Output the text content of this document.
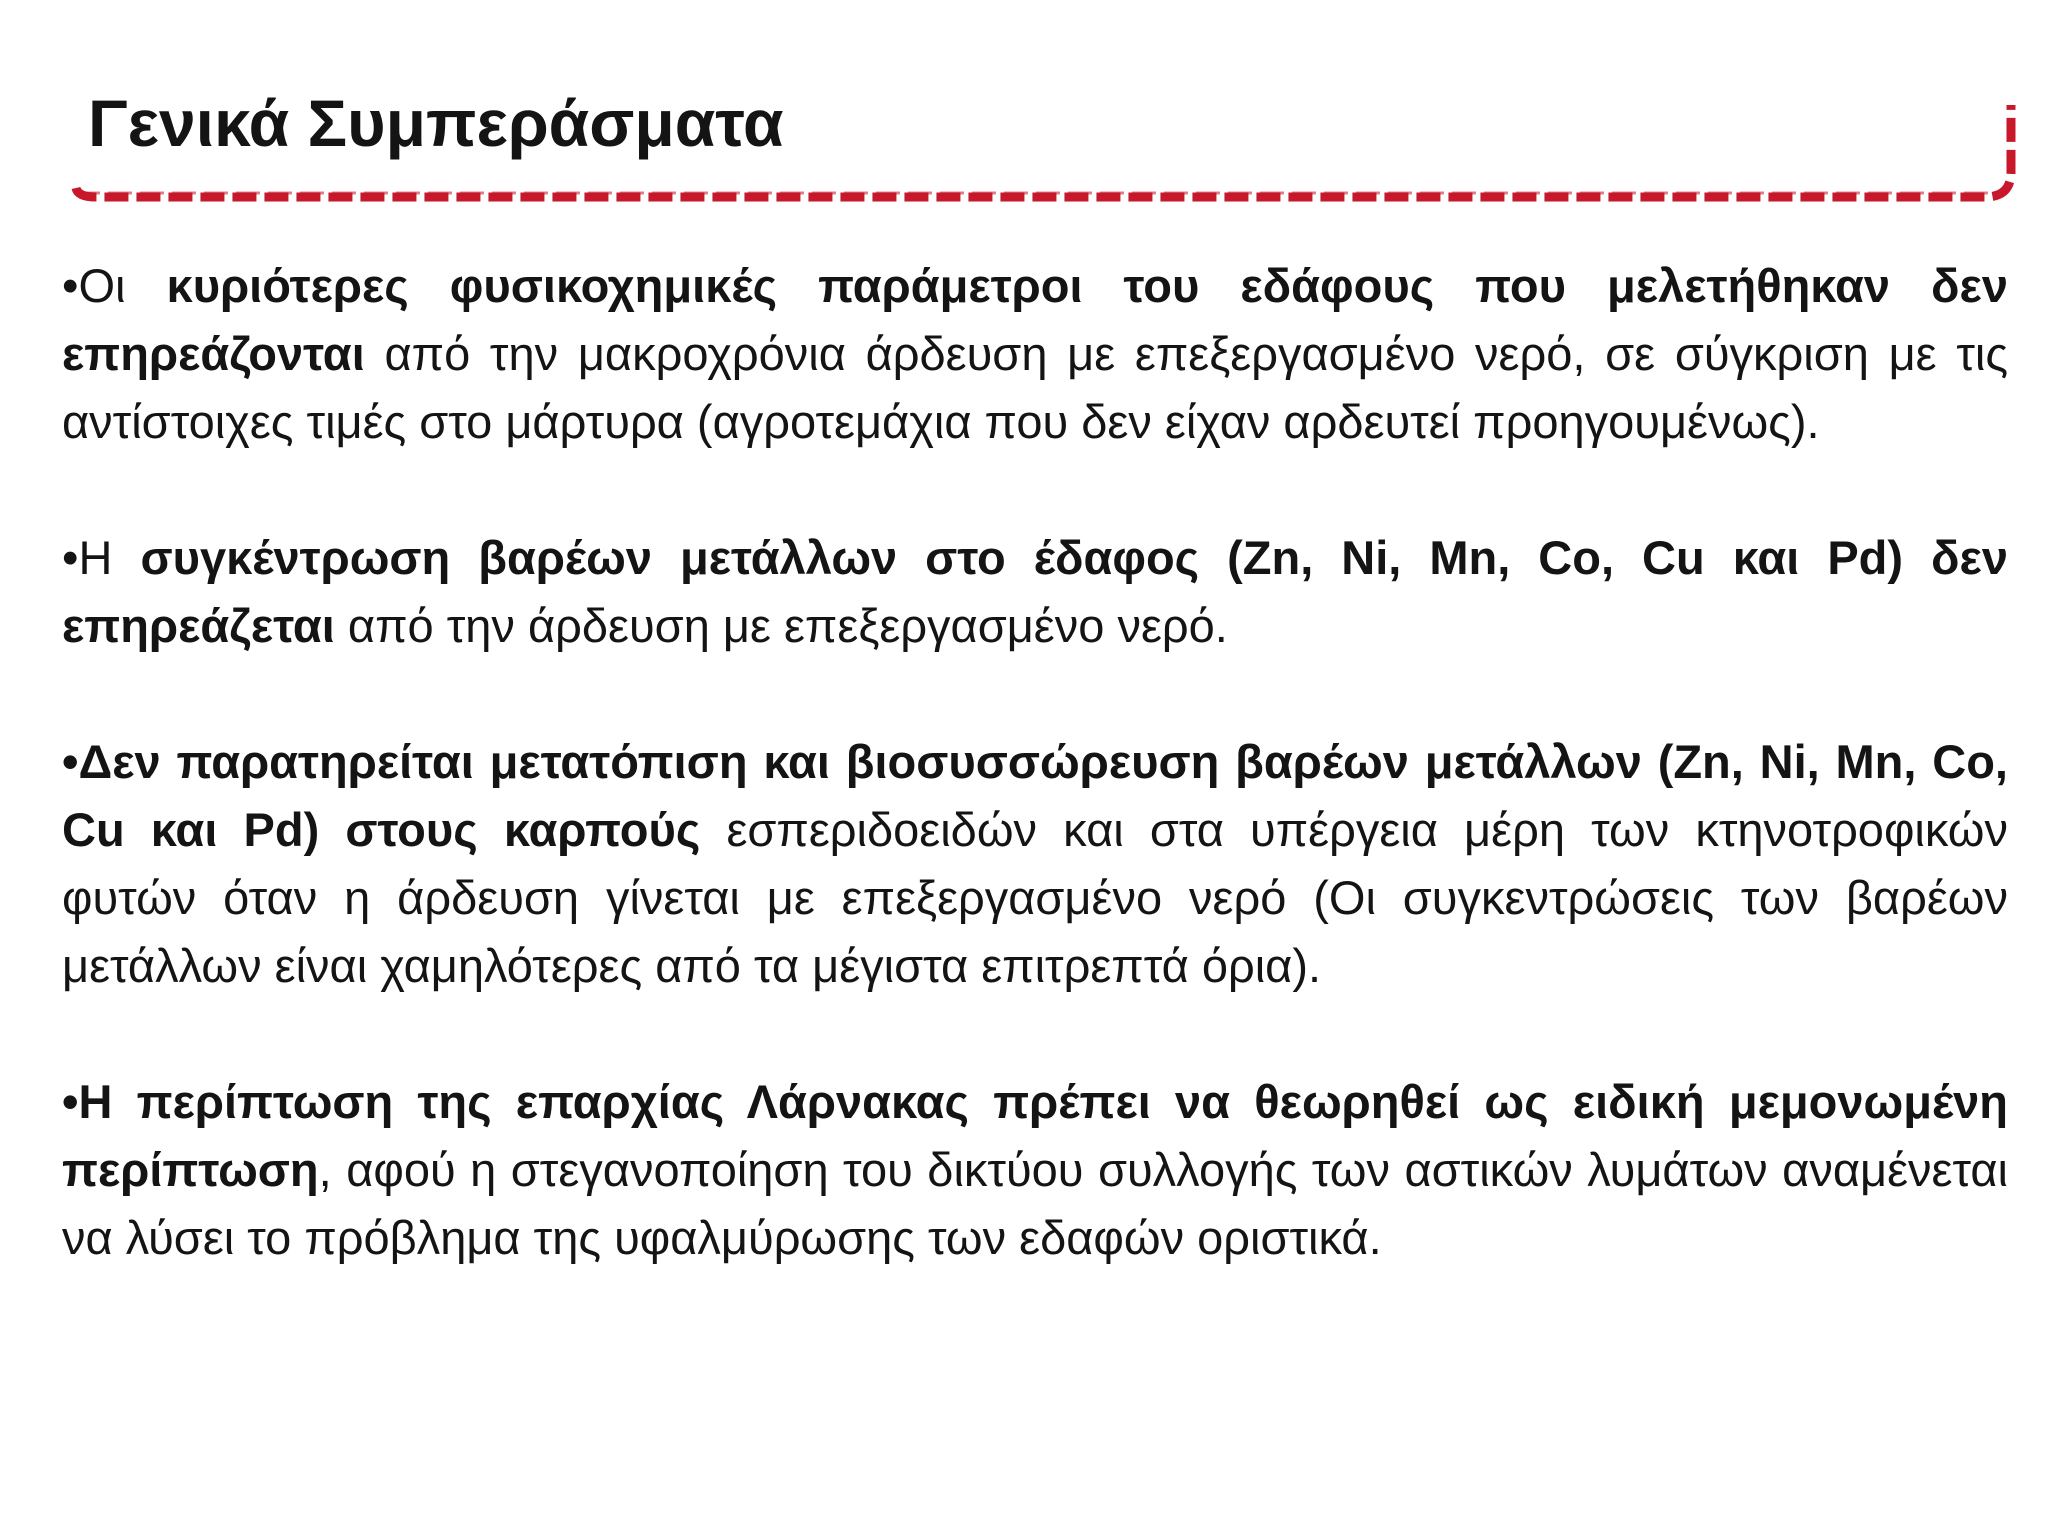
Γενικά Συμπεράσματα

•Οι κυριότερες φυσικοχημικές παράμετροι του εδάφους που μελετήθηκαν δεν επηρεάζονται από την μακροχρόνια άρδευση με επεξεργασμένο νερό, σε σύγκριση με τις αντίστοιχες τιμές στο μάρτυρα (αγροτεμάχια που δεν είχαν αρδευτεί προηγουμένως).

•Η συγκέντρωση βαρέων μετάλλων στο έδαφος (Zn, Ni, Mn, Co, Cu και Pd) δεν επηρεάζεται από την άρδευση με επεξεργασμένο νερό.

•Δεν παρατηρείται μετατόπιση και βιοσυσσώρευση βαρέων μετάλλων (Zn, Ni, Mn, Co, Cu και Pd) στους καρπούς εσπεριδοειδών και στα υπέργεια μέρη των κτηνοτροφικών φυτών όταν η άρδευση γίνεται με επεξεργασμένο νερό (Οι συγκεντρώσεις των βαρέων μετάλλων είναι χαμηλότερες από τα μέγιστα επιτρεπτά όρια).

•Η περίπτωση της επαρχίας Λάρνακας πρέπει να θεωρηθεί ως ειδική μεμονωμένη περίπτωση, αφού η στεγανοποίηση του δικτύου συλλογής των αστικών λυμάτων αναμένεται να λύσει το πρόβλημα της υφαλμύρωσης των εδαφών οριστικά.
